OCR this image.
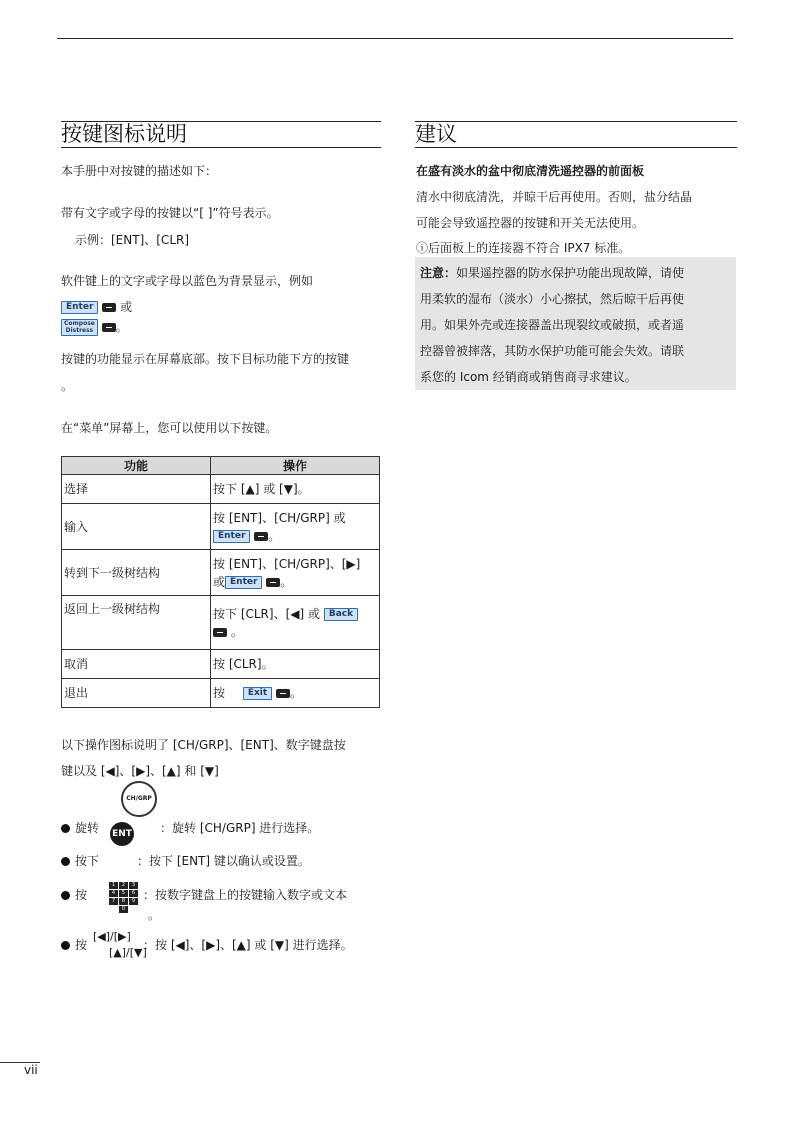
按键图标说明
本手册中对按键的描述如下：
带有文字或字母的按键以“[ ]”符号表示。
示例：[ENT]、[CLR]
软件键上的文字或字母以蓝色为背景显示，例如
Enter 或
Compose
Distress 。
按键的功能显示在屏幕底部。按下目标功能下方的按键
。
在“菜单”屏幕上，您可以使用以下按键。
功能	操作
选择	按下 [▲] 或 [▼]。
输入	按 [ENT]、[CH/GRP] 或
Enter 。
转到下一级树结构	按 [ENT]、[CH/GRP]、[▶]
或 Enter 。
返回上一级树结构	按下 [CLR]、[◀] 或 Back
。
取消	按 [CLR]。
退出	按 Exit 。
以下操作图标说明了 [CH/GRP]、[ENT]、数字键盘按
键以及 [◀]、[▶]、[▲] 和 [▼]
CH/GRP
旋转	：旋转 [CH/GRP] 进行选择。
ENT
按下	：按下 [ENT] 键以确认或设置。
按
1	2	3
4	5	6
7	8	9
0
：按数字键盘上的按键输入数字或文本
。
按
[◀]/[▶]
[▲]/[▼]
：按 [◀]、[▶]、[▲] 或 [▼] 进行选择。
建议
在盛有淡水的盆中彻底清洗遥控器的前面板
清水中彻底清洗，并晾干后再使用。否则，盐分结晶
可能会导致遥控器的按键和开关无法使用。
ⓘ后面板上的连接器不符合 IPX7 标准。
注意：如果遥控器的防水保护功能出现故障，请使
用柔软的湿布（淡水）小心擦拭，然后晾干后再使
用。如果外壳或连接器盖出现裂纹或破损，或者遥
控器曾被摔落，其防水保护功能可能会失效。请联
系您的 Icom 经销商或销售商寻求建议。
vii
